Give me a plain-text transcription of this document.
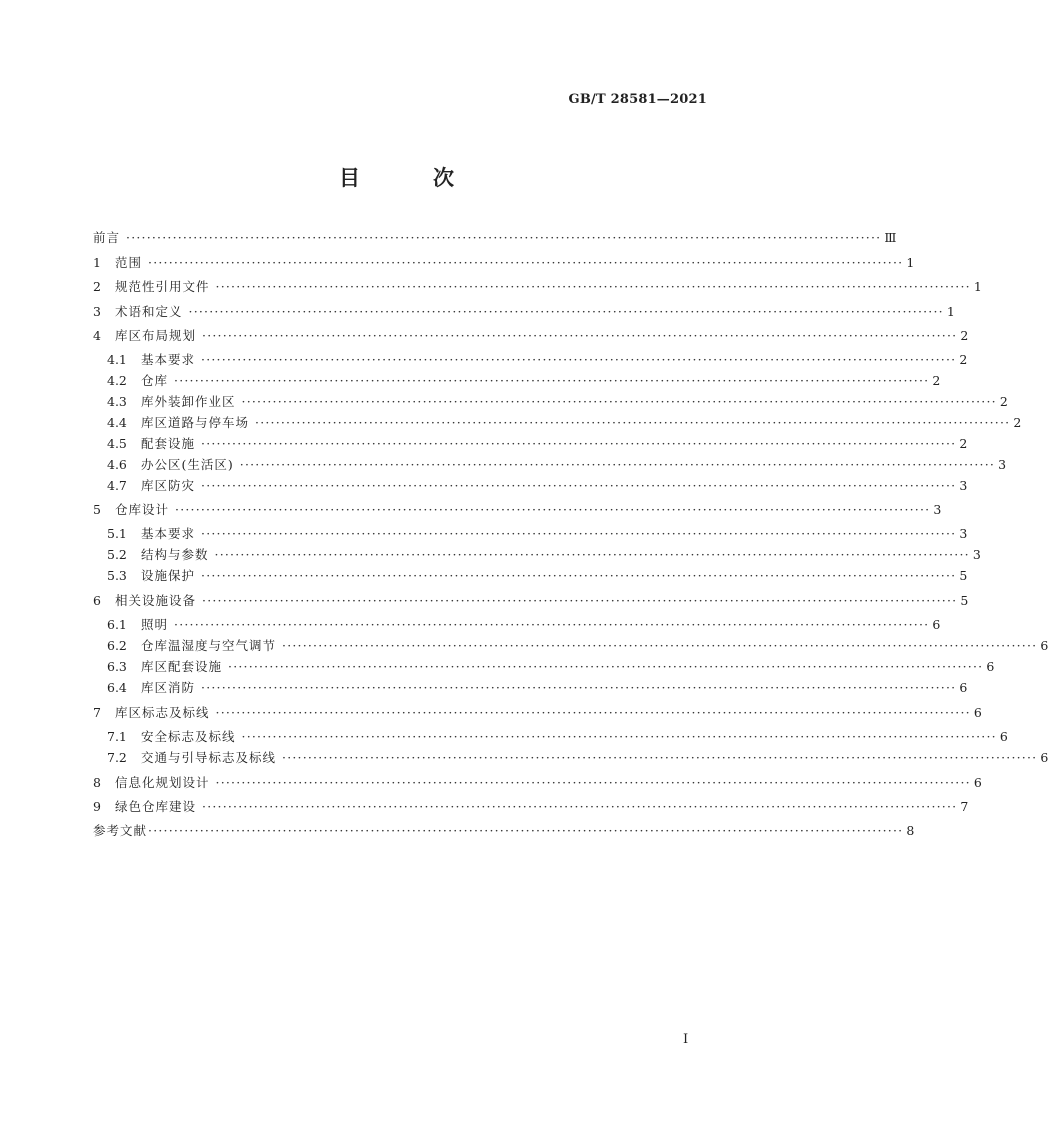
GB/T 28581—2021
目　次
前言 ·················································································································································· Ⅲ
1	范围 ·················································································································································· 1
2	规范性引用文件 ·················································································································································· 1
3	术语和定义 ·················································································································································· 1
4	库区布局规划 ·················································································································································· 2
4.1	基本要求 ·················································································································································· 2
4.2	仓库 ·················································································································································· 2
4.3	库外装卸作业区 ·················································································································································· 2
4.4	库区道路与停车场 ·················································································································································· 2
4.5	配套设施 ·················································································································································· 2
4.6	办公区(生活区) ·················································································································································· 3
4.7	库区防灾 ·················································································································································· 3
5	仓库设计 ·················································································································································· 3
5.1	基本要求 ·················································································································································· 3
5.2	结构与参数 ·················································································································································· 3
5.3	设施保护 ·················································································································································· 5
6	相关设施设备 ·················································································································································· 5
6.1	照明 ·················································································································································· 6
6.2	仓库温湿度与空气调节 ·················································································································································· 6
6.3	库区配套设施 ·················································································································································· 6
6.4	库区消防 ·················································································································································· 6
7	库区标志及标线 ·················································································································································· 6
7.1	安全标志及标线 ·················································································································································· 6
7.2	交通与引导标志及标线 ·················································································································································· 6
8	信息化规划设计 ·················································································································································· 6
9	绿色仓库建设 ·················································································································································· 7
参考文献 ·················································································································································· 8
I
